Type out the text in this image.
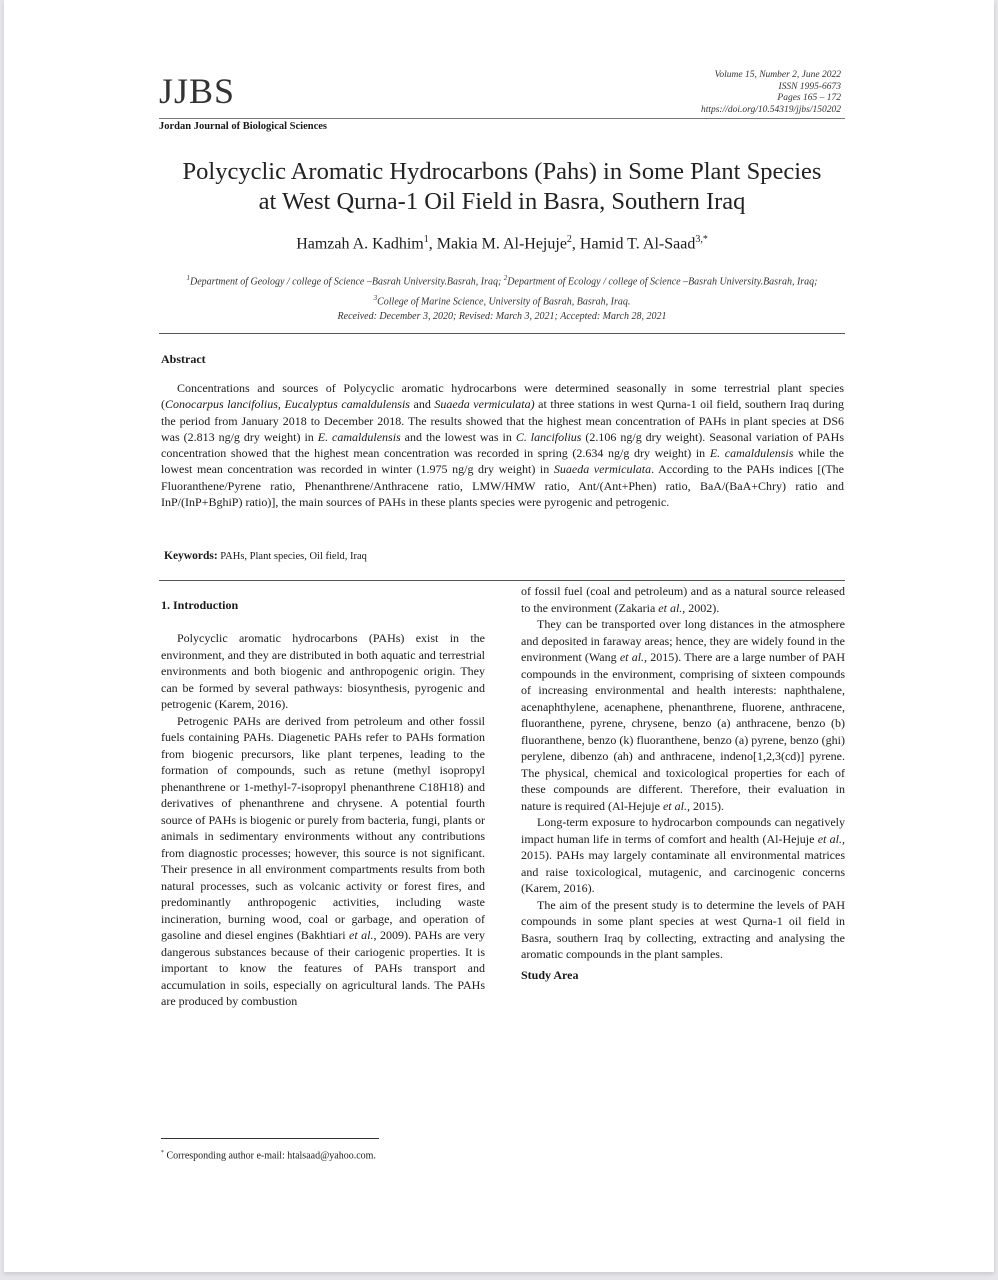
JJBS	Volume 15, Number 2, June 2022
ISSN 1995-6673
Pages 165 – 172
https://doi.org/10.54319/jjbs/150202
Jordan Journal of Biological Sciences
Polycyclic Aromatic Hydrocarbons (Pahs) in Some Plant Species
at West Qurna-1 Oil Field in Basra, Southern Iraq
Hamzah A. Kadhim$^1$, Makia M. Al-Hejuje$^2$, Hamid T. Al-Saad$^{3,*}$
$^1$Department of Geology / college of Science –Basrah University.Basrah, Iraq; $^2$Department of Ecology / college of Science –Basrah University.Basrah, Iraq; $^3$College of Marine Science, University of Basrah, Basrah, Iraq.
Received: December 3, 2020; Revised: March 3, 2021; Accepted: March 28, 2021
Abstract
Concentrations and sources of Polycyclic aromatic hydrocarbons were determined seasonally in some terrestrial plant species (Conocarpus lancifolius, Eucalyptus camaldulensis and Suaeda vermiculata) at three stations in west Qurna-1 oil field, southern Iraq during the period from January 2018 to December 2018. The results showed that the highest mean concentration of PAHs in plant species at DS6 was (2.813 ng/g dry weight) in E. camaldulensis and the lowest was in C. lancifolius (2.106 ng/g dry weight). Seasonal variation of PAHs concentration showed that the highest mean concentration was recorded in spring (2.634 ng/g dry weight) in E. camaldulensis while the lowest mean concentration was recorded in winter (1.975 ng/g dry weight) in Suaeda vermiculata. According to the PAHs indices [(The Fluoranthene/Pyrene ratio, Phenanthrene/Anthracene ratio, LMW/HMW ratio, Ant/(Ant+Phen) ratio, BaA/(BaA+Chry) ratio and InP/(InP+BghiP) ratio)], the main sources of PAHs in these plants species were pyrogenic and petrogenic.
Keywords: PAHs, Plant species, Oil field, Iraq
1. Introduction

Polycyclic aromatic hydrocarbons (PAHs) exist in the environment, and they are distributed in both aquatic and terrestrial environments and both biogenic and anthropogenic origin. They can be formed by several pathways: biosynthesis, pyrogenic and petrogenic (Karem, 2016).

Petrogenic PAHs are derived from petroleum and other fossil fuels containing PAHs. Diagenetic PAHs refer to PAHs formation from biogenic precursors, like plant terpenes, leading to the formation of compounds, such as retune (methyl isopropyl phenanthrene or 1-methyl-7-isopropyl phenanthrene C18H18) and derivatives of phenanthrene and chrysene. A potential fourth source of PAHs is biogenic or purely from bacteria, fungi, plants or animals in sedimentary environments without any contributions from diagnostic processes; however, this source is not significant. Their presence in all environment compartments results from both natural processes, such as volcanic activity or forest fires, and predominantly anthropogenic activities, including waste incineration, burning wood, coal or garbage, and operation of gasoline and diesel engines (Bakhtiari et al., 2009). PAHs are very dangerous substances because of their cariogenic properties. It is important to know the features of PAHs transport and accumulation in soils, especially on agricultural lands. The PAHs are produced by combustion

of fossil fuel (coal and petroleum) and as a natural source released to the environment (Zakaria et al., 2002).

They can be transported over long distances in the atmosphere and deposited in faraway areas; hence, they are widely found in the environment (Wang et al., 2015). There are a large number of PAH compounds in the environment, comprising of sixteen compounds of increasing environmental and health interests: naphthalene, acenaphthylene, acenaphene, phenanthrene, fluorene, anthracene, fluoranthene, pyrene, chrysene, benzo (a) anthracene, benzo (b) fluoranthene, benzo (k) fluoranthene, benzo (a) pyrene, benzo (ghi) perylene, dibenzo (ah) and anthracene, indeno[1,2,3(cd)] pyrene. The physical, chemical and toxicological properties for each of these compounds are different. Therefore, their evaluation in nature is required (Al-Hejuje et al., 2015).

Long-term exposure to hydrocarbon compounds can negatively impact human life in terms of comfort and health (Al-Hejuje et al., 2015). PAHs may largely contaminate all environmental matrices and raise toxicological, mutagenic, and carcinogenic concerns (Karem, 2016).

The aim of the present study is to determine the levels of PAH compounds in some plant species at west Qurna-1 oil field in Basra, southern Iraq by collecting, extracting and analysing the aromatic compounds in the plant samples.

Study Area
* Corresponding author e-mail: htalsaad@yahoo.com.
